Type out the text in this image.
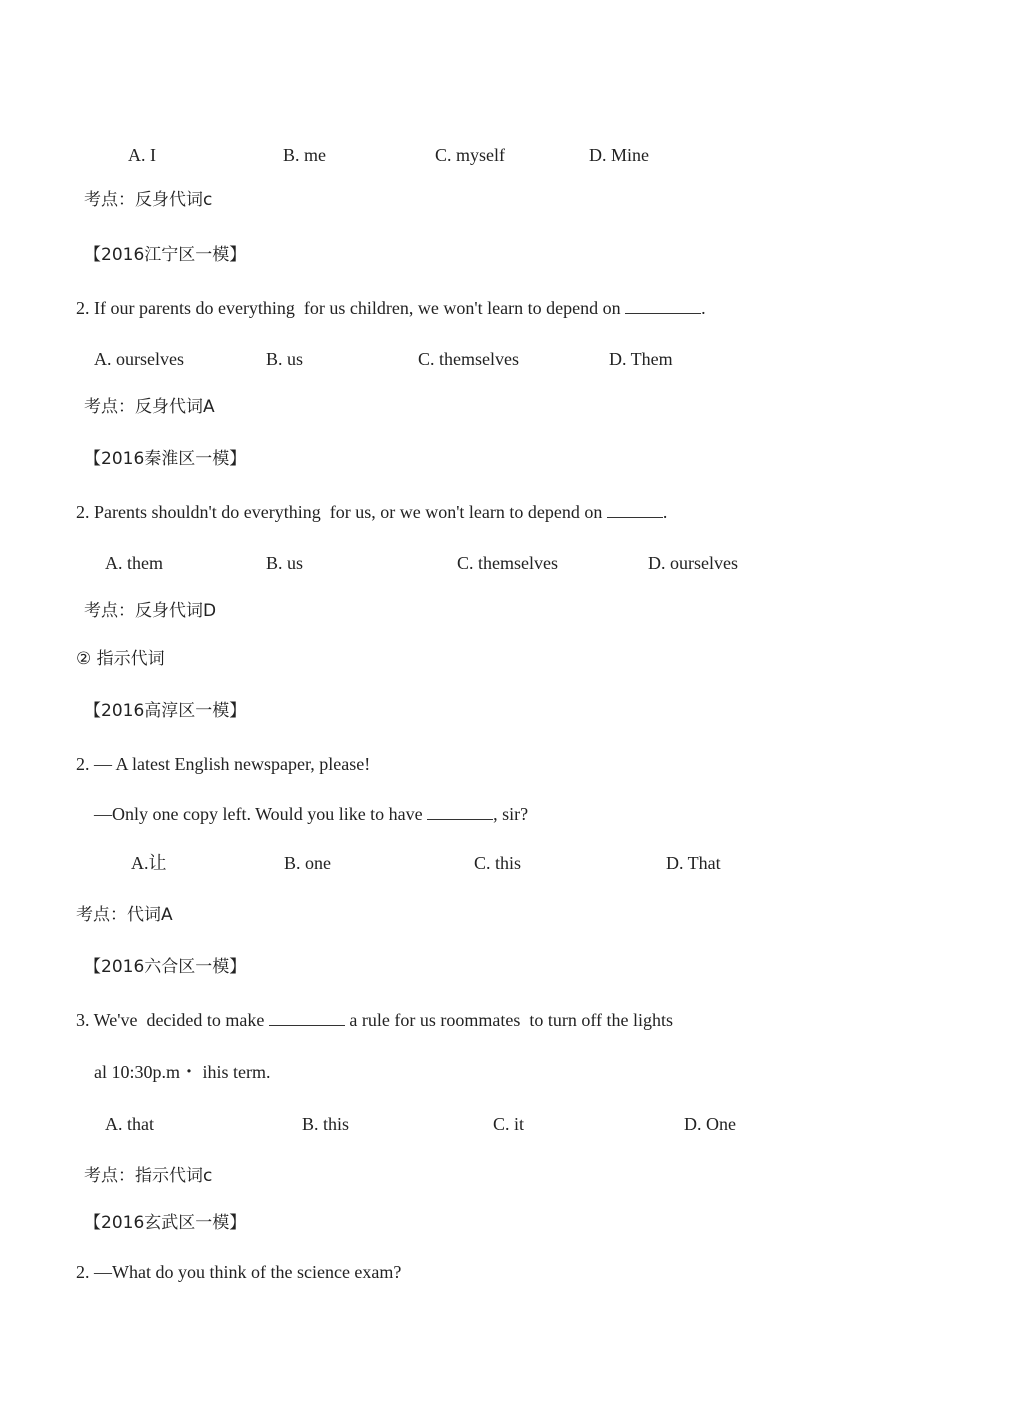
A. I	B. me	C. myself	D. Mine
考点：反身代词c
【2016江宁区一模】
2. If our parents do everything  for us children, we won't learn to depend on	.
A. ourselves	B. us	C. themselves	D. Them
考点：反身代词A
【2016秦淮区一模】
2. Parents shouldn't do everything  for us, or we won't learn to depend on	.
A. them	B. us	C. themselves	D. ourselves
考点：反身代词D
② 指示代词
【2016高淳区一模】
2. — A latest English newspaper, please!
—Only one copy left. Would you like to have	, sir?
A.让	B. one	C. this	D. That
考点：代词A
【2016六合区一模】
3. We've  decided to make	a rule for us roommates  to turn off the lights
al 10:30p.m・ ihis term.
A. that	B. this	C. it	D. One
考点：指示代词c
【2016玄武区一模】
2. —What do you think of the science exam?
